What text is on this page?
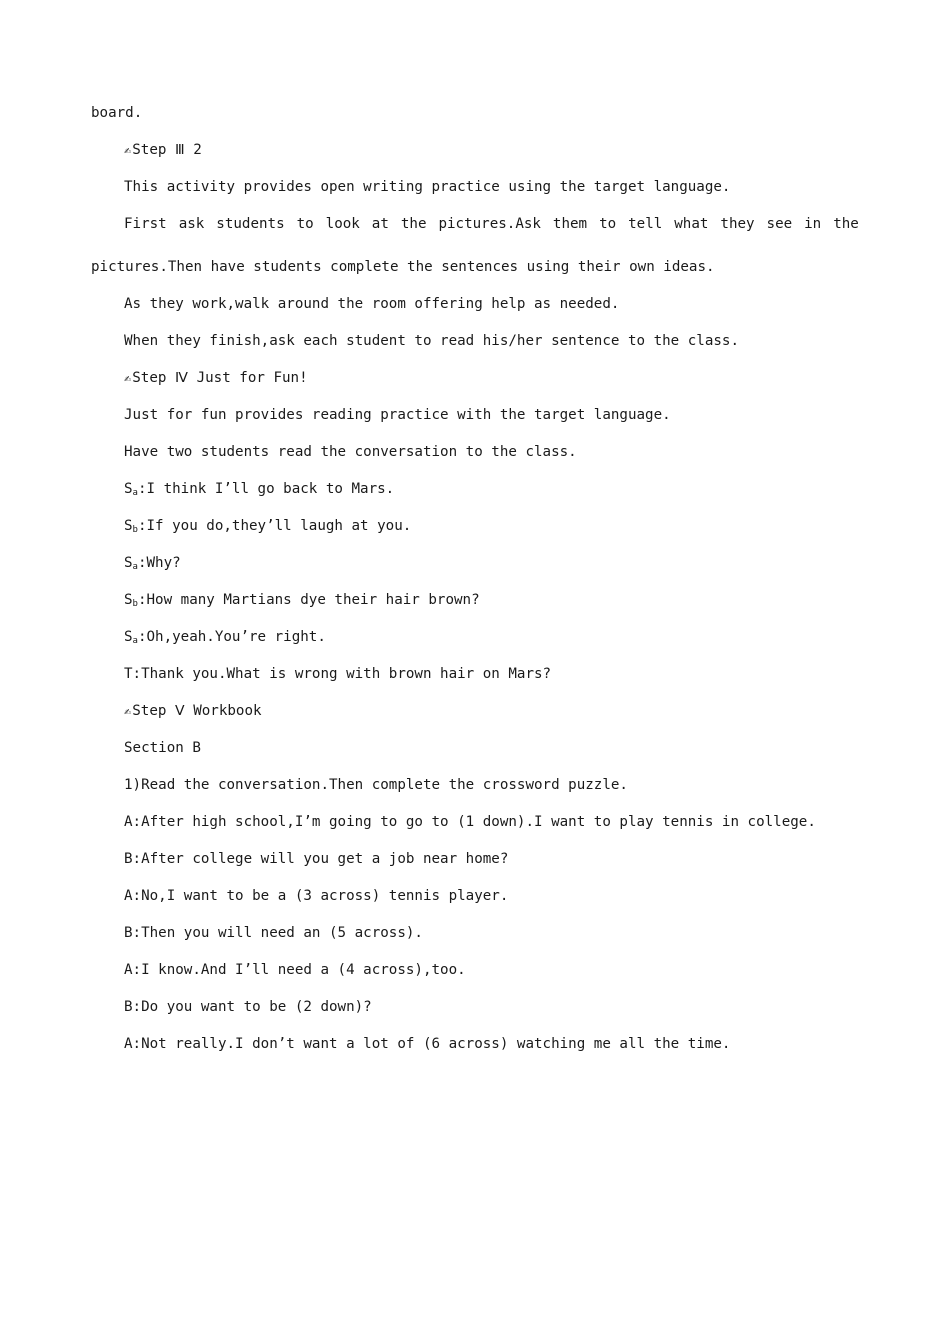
board.
✍Step Ⅲ 2
This activity provides open writing practice using the target language.
First ask students to look at the pictures.Ask them to tell what they see in the
pictures.Then have students complete the sentences using their own ideas.
As they work,walk around the room offering help as needed.
When they finish,ask each student to read his/her sentence to the class.
✍Step Ⅳ Just for Fun!
Just for fun provides reading practice with the target language.
Have two students read the conversation to the class.
$S_a:I$ think I’ll go back to Mars.
$S_b:If$ you do,they’ll laugh at you.
$S_a:Why$?
$S_b:How$ many Martians dye their hair brown?
$S_a:Oh,yeah.You’re$ right.
T:Thank you.What is wrong with brown hair on Mars?
✍Step Ⅴ Workbook
Section B
1)Read the conversation.Then complete the crossword puzzle.
A:After high school,I’m going to go to (1 down).I want to play tennis in college.
B:After college will you get a job near home?
A:No,I want to be a (3 across) tennis player.
B:Then you will need an (5 across).
A:I know.And I’ll need a (4 across),too.
B:Do you want to be (2 down)?
A:Not really.I don’t want a lot of (6 across) watching me all the time.
